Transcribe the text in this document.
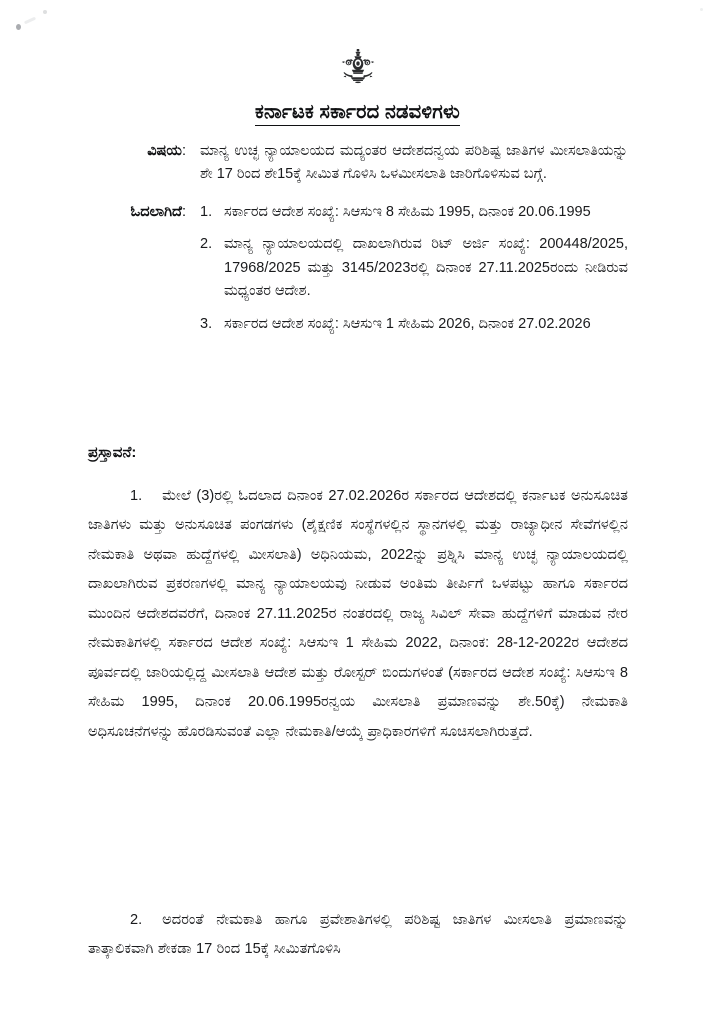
ಕರ್ನಾಟಕ ಸರ್ಕಾರದ ನಡವಳಿಗಳು
ವಿಷಯ: ಮಾನ್ಯ ಉಚ್ಛ ನ್ಯಾಯಾಲಯದ ಮದ್ಯಂತರ ಆದೇಶದನ್ವಯ ಪರಿಶಿಷ್ಟ ಜಾತಿಗಳ ಮೀಸಲಾತಿಯನ್ನು ಶೇ 17 ರಿಂದ ಶೇ15ಕ್ಕೆ ಸೀಮಿತ ಗೊಳಿಸಿ ಒಳಮೀಸಲಾತಿ ಜಾರಿಗೊಳಿಸುವ ಬಗ್ಗೆ.

ಓದಲಾಗಿದೆ:	ಸರ್ಕಾರದ ಆದೇಶ ಸಂಖ್ಯೆ: ಸಿಆಸುಇ 8 ಸೇಹಿಮ 1995, ದಿನಾಂಕ 20.06.1995
ಮಾನ್ಯ ನ್ಯಾಯಾಲಯದಲ್ಲಿ ದಾಖಲಾಗಿರುವ ರಿಟ್ ಅರ್ಜಿ ಸಂಖ್ಯೆ: 200448/2025, 17968/2025 ಮತ್ತು 3145/2023ರಲ್ಲಿ ದಿನಾಂಕ 27.11.2025ರಂದು ನೀಡಿರುವ ಮಧ್ಯಂತರ ಆದೇಶ.
ಸರ್ಕಾರದ ಆದೇಶ ಸಂಖ್ಯೆ: ಸಿಆಸುಇ 1 ಸೇಹಿಮ 2026, ದಿನಾಂಕ 27.02.2026
ಪ್ರಸ್ತಾವನೆ:

1. ಮೇಲೆ (3)ರಲ್ಲಿ ಓದಲಾದ ದಿನಾಂಕ 27.02.2026ರ ಸರ್ಕಾರದ ಆದೇಶದಲ್ಲಿ ಕರ್ನಾಟಕ ಅನುಸೂಚಿತ ಜಾತಿಗಳು ಮತ್ತು ಅನುಸೂಚಿತ ಪಂಗಡಗಳು (ಶೈಕ್ಷಣಿಕ ಸಂಸ್ಥೆಗಳಲ್ಲಿನ ಸ್ಥಾನಗಳಲ್ಲಿ ಮತ್ತು ರಾಜ್ಯಾಧೀನ ಸೇವೆಗಳಲ್ಲಿನ ನೇಮಕಾತಿ ಅಥವಾ ಹುದ್ದೆಗಳಲ್ಲಿ ಮೀಸಲಾತಿ) ಅಧಿನಿಯಮ, 2022ನ್ನು ಪ್ರಶ್ನಿಸಿ ಮಾನ್ಯ ಉಚ್ಛ ನ್ಯಾಯಾಲಯದಲ್ಲಿ ದಾಖಲಾಗಿರುವ ಪ್ರಕರಣಗಳಲ್ಲಿ ಮಾನ್ಯ ನ್ಯಾಯಾಲಯವು ನೀಡುವ ಅಂತಿಮ ತೀರ್ಪಿಗೆ ಒಳಪಟ್ಟು ಹಾಗೂ ಸರ್ಕಾರದ ಮುಂದಿನ ಆದೇಶದವರೆಗೆ, ದಿನಾಂಕ 27.11.2025ರ ನಂತರದಲ್ಲಿ ರಾಜ್ಯ ಸಿವಿಲ್ ಸೇವಾ ಹುದ್ದೆಗಳಿಗೆ ಮಾಡುವ ನೇರ ನೇಮಕಾತಿಗಳಲ್ಲಿ ಸರ್ಕಾರದ ಆದೇಶ ಸಂಖ್ಯೆ: ಸಿಆಸುಇ 1 ಸೇಹಿಮ 2022, ದಿನಾಂಕ: 28-12-2022ರ ಆದೇಶದ ಪೂರ್ವದಲ್ಲಿ ಜಾರಿಯಲ್ಲಿದ್ದ ಮೀಸಲಾತಿ ಆದೇಶ ಮತ್ತು ರೋಸ್ಟರ್ ಬಿಂದುಗಳಂತೆ (ಸರ್ಕಾರದ ಆದೇಶ ಸಂಖ್ಯೆ: ಸಿಆಸುಇ 8 ಸೇಹಿಮ 1995, ದಿನಾಂಕ 20.06.1995ರನ್ವಯ ಮೀಸಲಾತಿ ಪ್ರಮಾಣವನ್ನು ಶೇ.50ಕ್ಕೆ) ನೇಮಕಾತಿ ಅಧಿಸೂಚನೆಗಳನ್ನು ಹೊರಡಿಸುವಂತೆ ಎಲ್ಲಾ ನೇಮಕಾತಿ/ಆಯ್ಕೆ ಪ್ರಾಧಿಕಾರಗಳಿಗೆ ಸೂಚಿಸಲಾಗಿರುತ್ತದೆ.

2. ಅದರಂತೆ ನೇಮಕಾತಿ ಹಾಗೂ ಪ್ರವೇಶಾತಿಗಳಲ್ಲಿ ಪರಿಶಿಷ್ಟ ಜಾತಿಗಳ ಮೀಸಲಾತಿ ಪ್ರಮಾಣವನ್ನು ತಾತ್ಕಾಲಿಕವಾಗಿ ಶೇಕಡಾ 17 ರಿಂದ 15ಕ್ಕೆ ಸೀಮಿತಗೊಳಿಸಿ
